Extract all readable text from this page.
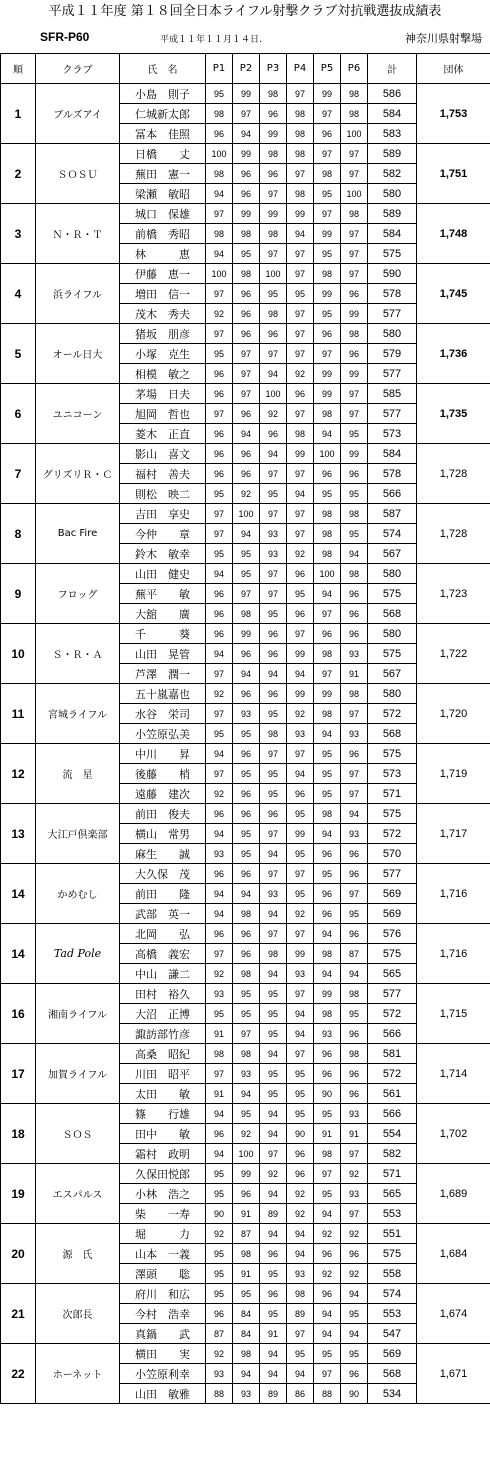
平成１１年度 第１８回全日本ライフル射撃クラブ対抗戦選抜成績表
SFR-P60	平成１１年１１月１４日.	神奈川県射撃場
順	クラブ	氏　名	P1	P2	P3	P4	P5	P6	計	団体
1	ブルズアイ	小島　則子	95	99	98	97	99	98	586	1,753
		仁城新太郎	98	97	96	98	97	98	584	
		冨本　佳照	96	94	99	98	96	100	583	
2	ＳＯＳＵ	日橋　　丈	100	99	98	98	97	97	589	1,751
		蕪田　憲一	98	96	96	97	98	97	582	
		梁瀬　敏昭	94	96	97	98	95	100	580	
3	Ｎ・Ｒ・Ｔ	城口　保雄	97	99	99	99	97	98	589	1,748
		前橋　秀昭	98	98	98	94	99	97	584	
		林　　　恵	94	95	97	97	95	97	575	
4	浜ライフル	伊藤　恵一	100	98	100	97	98	97	590	1,745
		増田　信一	97	96	95	95	99	96	578	
		茂木　秀夫	92	96	98	97	95	99	577	
5	オール日大	猪坂　朋彦	97	96	96	97	96	98	580	1,736
		小塚　克生	95	97	97	97	97	96	579	
		相模　敏之	96	97	94	92	99	99	577	
6	ユニコーン	茅場　日夫	96	97	100	96	99	97	585	1,735
		旭岡　哲也	97	96	92	97	98	97	577	
		菱木　正直	96	94	96	98	94	95	573	
7	グリズリＲ・Ｃ	影山　喜文	96	96	94	99	100	99	584	1,728
		福村　善夫	96	96	97	97	96	96	578	
		則松　映二	95	92	95	94	95	95	566	
8	Bac Fire	吉田　享史	97	100	97	97	98	98	587	1,728
		今仲　　章	97	94	93	97	98	95	574	
		鈴木　敏幸	95	95	93	92	98	94	567	
9	フロッグ	山田　健史	94	95	97	96	100	98	580	1,723
		蕪平　　敏	96	97	97	95	94	96	575	
		大舘　　廣	96	98	95	96	97	96	568	
10	Ｓ・Ｒ・Ａ	千　　　葵	96	99	96	97	96	96	580	1,722
		山田　晃管	94	96	96	99	98	93	575	
		芦澤　潤一	97	94	94	94	97	91	567	
11	宮城ライフル	五十嵐嘉也	92	96	96	99	99	98	580	1,720
		水谷　栄司	97	93	95	92	98	97	572	
		小笠原弘美	95	95	98	93	94	93	568	
12	流　星	中川　　昇	94	96	97	97	95	96	575	1,719
		後藤　　梢	97	95	95	94	95	97	573	
		遠藤　建次	92	96	95	96	95	97	571	
13	大江戸倶楽部	前田　俊夫	96	96	96	95	98	94	575	1,717
		横山　常男	94	95	97	99	94	93	572	
		麻生　　誠	93	95	94	95	96	96	570	
14	かめむし	大久保　茂	96	96	97	97	95	96	577	1,716
		前田　　隆	94	94	93	95	96	97	569	
		武部　英一	94	98	94	92	96	95	569	
14	Tad Pole	北岡　　弘	96	96	97	97	94	96	576	1,716
		高橋　義宏	97	96	98	99	98	87	575	
		中山　謙二	92	98	94	93	94	94	565	
16	湘南ライフル	田村　裕久	93	95	95	97	99	98	577	1,715
		大沼　正博	95	95	95	94	98	95	572	
		諏訪部竹彦	91	97	95	94	93	96	566	
17	加賀ライフル	高桑　昭紀	98	98	94	97	96	98	581	1,714
		川田　昭平	97	93	95	95	96	96	572	
		太田　　敏	91	94	95	95	90	96	561	
18	ＳＯＳ	篠　　行雄	94	95	94	95	95	93	566	1,702
		田中　　敏	96	92	94	90	91	91	554	
		霜村　政明	94	100	97	96	98	97	582	
19	エスパルス	久保田悦郎	95	99	92	96	97	92	571	1,689
		小林　浩之	95	96	94	92	95	93	565	
		柴　　一寿	90	91	89	92	94	97	553	
20	源　氏	堀　　　力	92	87	94	94	92	92	551	1,684
		山本　一義	95	98	96	94	96	96	575	
		澤頭　　聡	95	91	95	93	92	92	558	
21	次郎長	府川　和広	95	95	96	98	96	94	574	1,674
		今村　浩幸	96	84	95	89	94	95	553	
		真鍋　　武	87	84	91	97	94	94	547	
22	ホーネット	横田　　実	92	98	94	95	95	95	569	1,671
		小笠原利幸	93	94	94	94	97	96	568	
		山田　敏雅	88	93	89	86	88	90	534	
